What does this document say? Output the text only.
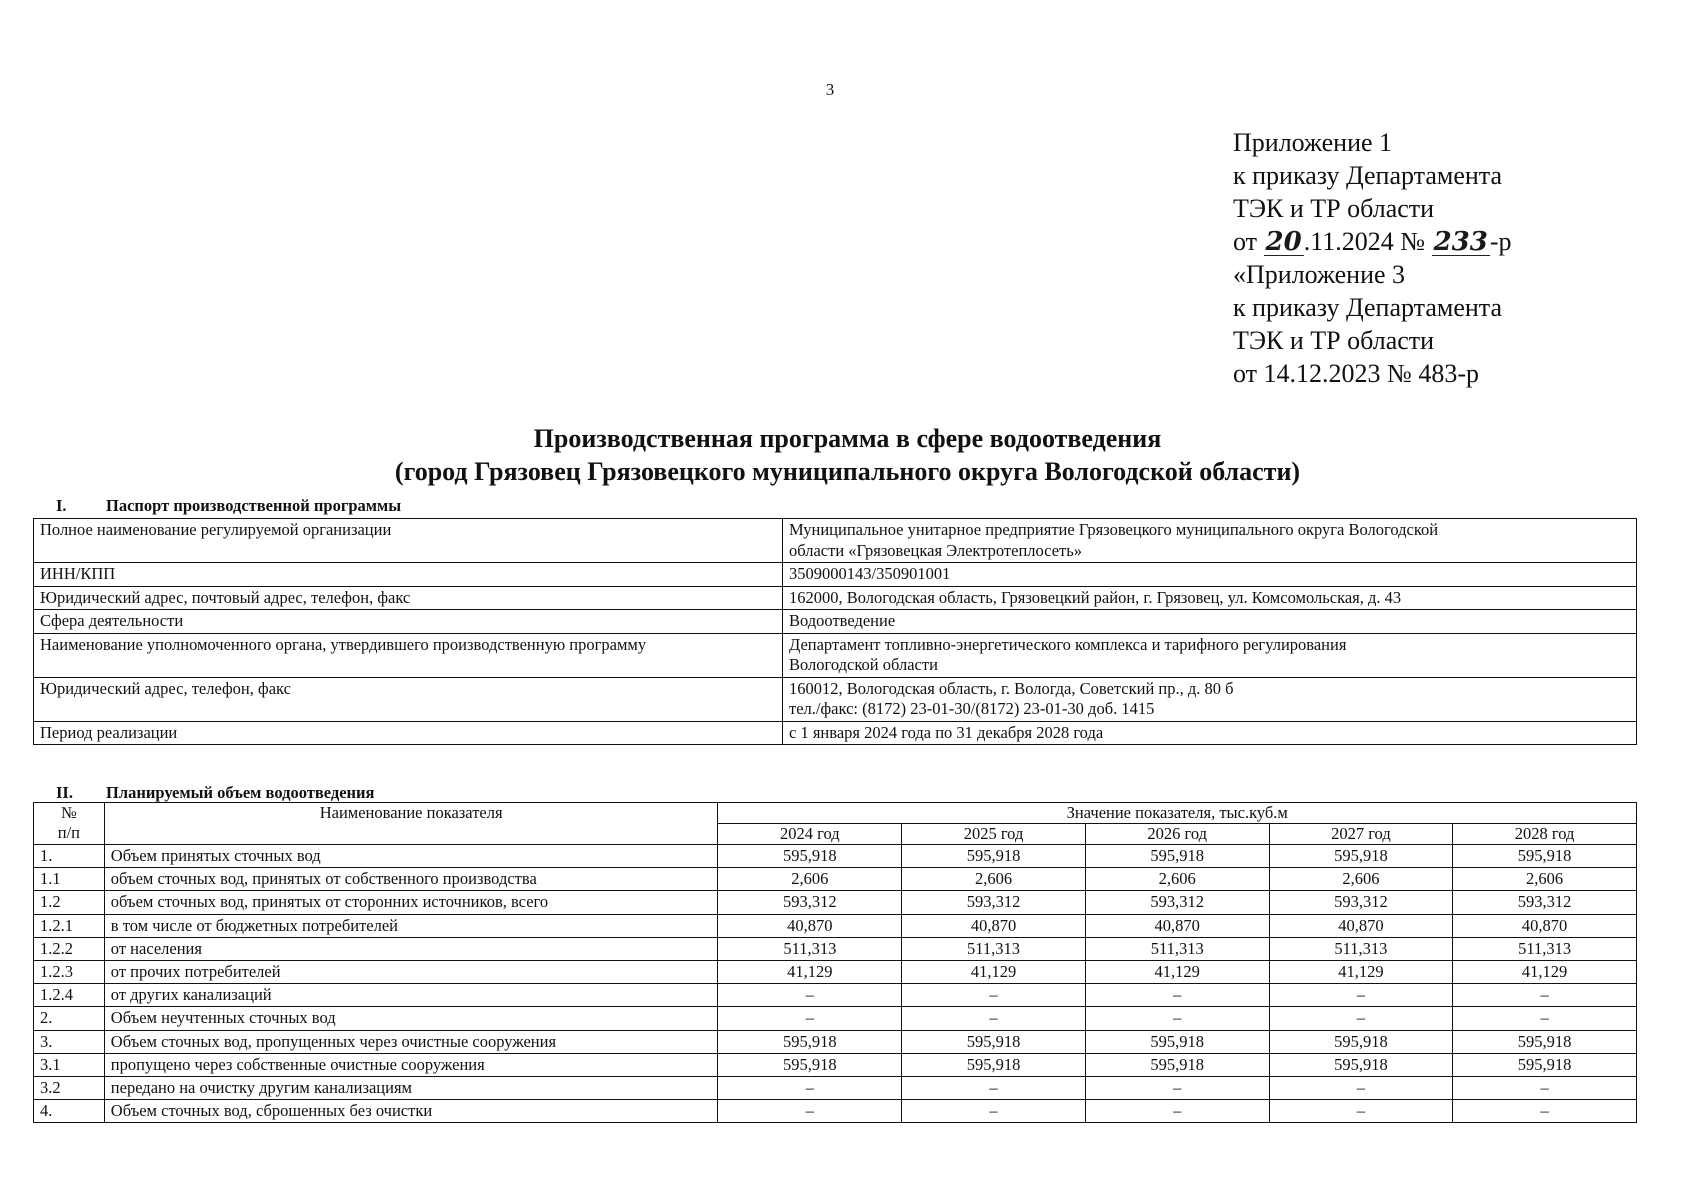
3
Приложение 1
к приказу Департамента
ТЭК и ТР области
от 20.11.2024 № 233-р
«Приложение 3
к приказу Департамента
ТЭК и ТР области
от 14.12.2023 № 483-р
Производственная программа в сфере водоотведения
(город Грязовец Грязовецкого муниципального округа Вологодской области)
I. Паспорт производственной программы
Полное наименование регулируемой организации	Муниципальное унитарное предприятие Грязовецкого муниципального округа Вологодской
области «Грязовецкая Электротеплосеть»

ИНН/КПП	3509000143/350901001

Юридический адрес, почтовый адрес, телефон, факс	162000, Вологодская область, Грязовецкий район, г. Грязовец, ул. Комсомольская, д. 43

Сфера деятельности	Водоотведение

Наименование уполномоченного органа, утвердившего производственную программу	Департамент топливно-энергетического комплекса и тарифного регулирования
Вологодской области

Юридический адрес, телефон, факс	160012, Вологодская область, г. Вологда, Советский пр., д. 80 б
тел./факс: (8172) 23-01-30/(8172) 23-01-30 доб. 1415

Период реализации	с 1 января 2024 года по 31 декабря 2028 года
II. Планируемый объем водоотведения
№
п/п	Наименование показателя	Значение показателя, тыс.куб.м				
		2024 год	2025 год	2026 год	2027 год	2028 год
1.	Объем принятых сточных вод	595,918	595,918	595,918	595,918	595,918
1.1	объем сточных вод, принятых от собственного производства	2,606	2,606	2,606	2,606	2,606
1.2	объем сточных вод, принятых от сторонних источников, всего	593,312	593,312	593,312	593,312	593,312
1.2.1	в том числе от бюджетных потребителей	40,870	40,870	40,870	40,870	40,870
1.2.2	от населения	511,313	511,313	511,313	511,313	511,313
1.2.3	от прочих потребителей	41,129	41,129	41,129	41,129	41,129
1.2.4	от других канализаций	–	–	–	–	–
2.	Объем неучтенных сточных вод	–	–	–	–	–
3.	Объем сточных вод, пропущенных через очистные сооружения	595,918	595,918	595,918	595,918	595,918
3.1	пропущено через собственные очистные сооружения	595,918	595,918	595,918	595,918	595,918
3.2	передано на очистку другим канализациям	–	–	–	–	–
4.	Объем сточных вод, сброшенных без очистки	–	–	–	–	–
